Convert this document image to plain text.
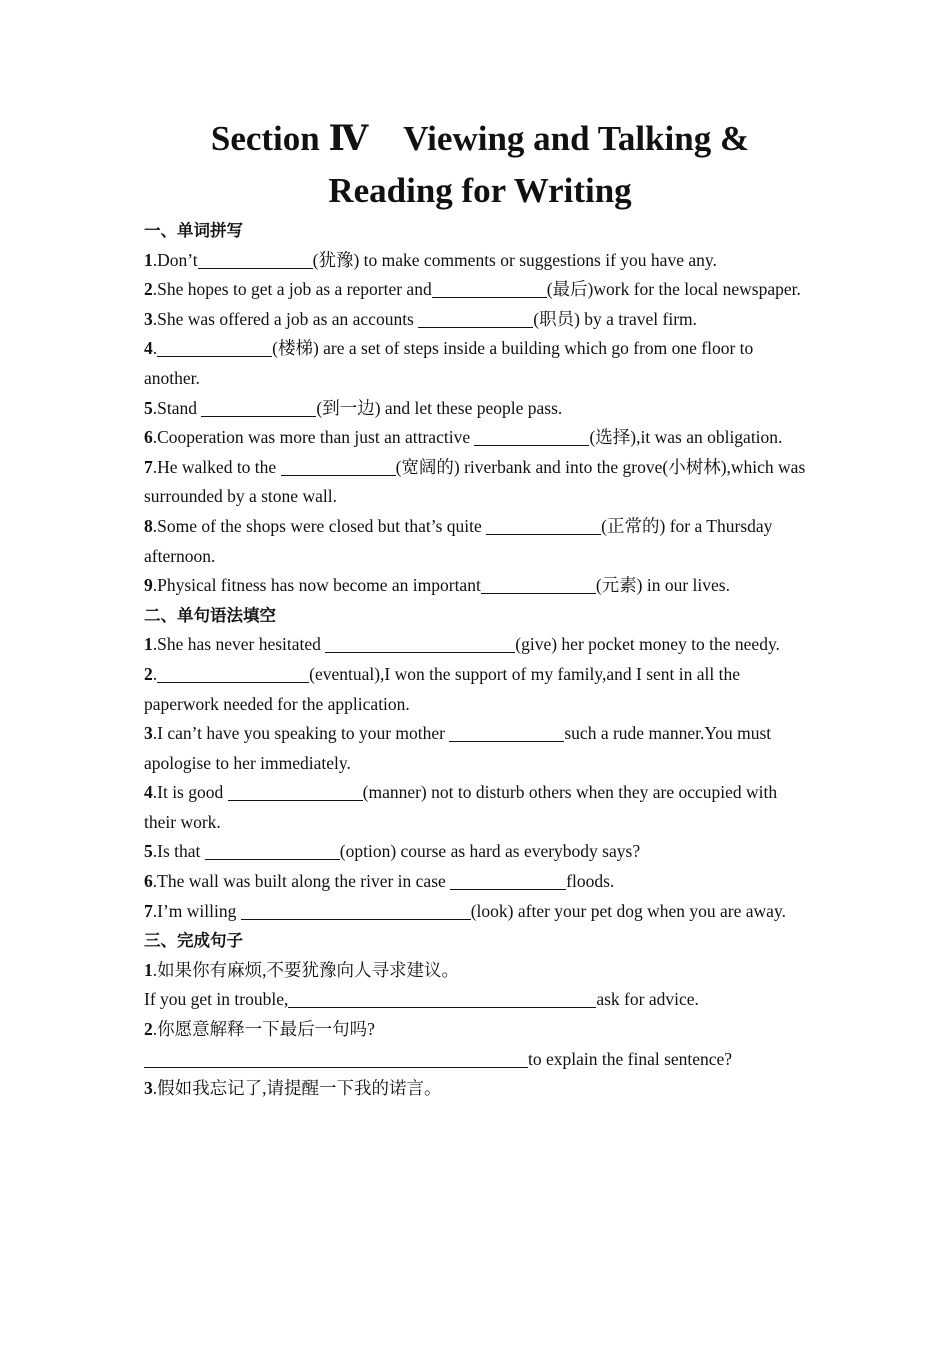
Section Ⅳ　Viewing and Talking &
Reading for Writing
一、单词拼写
1.Don’t	(犹豫) to make comments or suggestions if you have any.
2.She hopes to get a job as a reporter and	(最后)work for the local newspaper.
3.She was offered a job as an accounts	(职员) by a travel firm.
4.	(楼梯) are a set of steps inside a building which go from one floor to another.
5.Stand	(到一边) and let these people pass.
6.Cooperation was more than just an attractive	(选择),it was an obligation.
7.He walked to the	(宽阔的) riverbank and into the grove(小树林),which was surrounded by a stone wall.
8.Some of the shops were closed but that’s quite	(正常的) for a Thursday afternoon.
9.Physical fitness has now become an important	(元素) in our lives.
二、单句语法填空
1.She has never hesitated	(give) her pocket money to the needy.
2.	(eventual),I won the support of my family,and I sent in all the paperwork needed for the application.
3.I can’t have you speaking to your mother	such a rude manner.You must apologise to her immediately.
4.It is good	(manner) not to disturb others when they are occupied with their work.
5.Is that	(option) course as hard as everybody says?
6.The wall was built along the river in case	floods.
7.I’m willing	(look) after your pet dog when you are away.
三、完成句子
1.如果你有麻烦,不要犹豫向人寻求建议。
If you get in trouble,	ask for advice.
2.你愿意解释一下最后一句吗?
to explain the final sentence?
3.假如我忘记了,请提醒一下我的诺言。
